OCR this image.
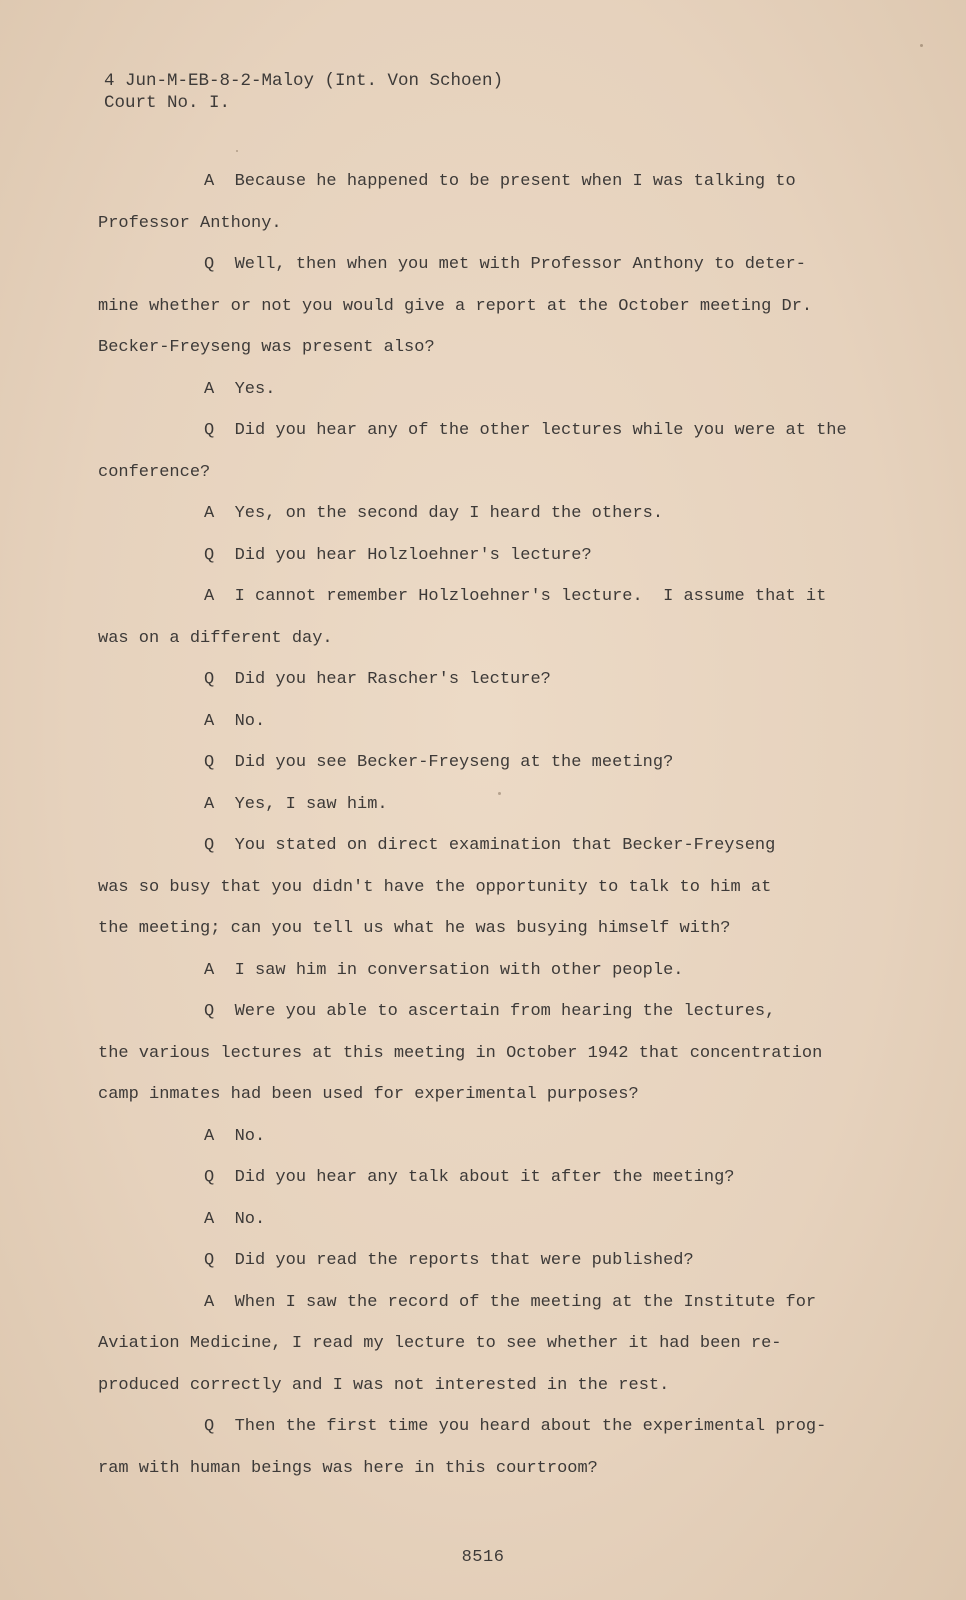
4 Jun-M-EB-8-2-Maloy (Int. Von Schoen)
Court No. I.
A  Because he happened to be present when I was talking to
Professor Anthony.
Q  Well, then when you met with Professor Anthony to deter-
mine whether or not you would give a report at the October meeting Dr.
Becker-Freyseng was present also?
A  Yes.
Q  Did you hear any of the other lectures while you were at the
conference?
A  Yes, on the second day I heard the others.
Q  Did you hear Holzloehner's lecture?
A  I cannot remember Holzloehner's lecture.  I assume that it
was on a different day.
Q  Did you hear Rascher's lecture?
A  No.
Q  Did you see Becker-Freyseng at the meeting?
A  Yes, I saw him.
Q  You stated on direct examination that Becker-Freyseng
was so busy that you didn't have the opportunity to talk to him at
the meeting; can you tell us what he was busying himself with?
A  I saw him in conversation with other people.
Q  Were you able to ascertain from hearing the lectures,
the various lectures at this meeting in October 1942 that concentration
camp inmates had been used for experimental purposes?
A  No.
Q  Did you hear any talk about it after the meeting?
A  No.
Q  Did you read the reports that were published?
A  When I saw the record of the meeting at the Institute for
Aviation Medicine, I read my lecture to see whether it had been re-
produced correctly and I was not interested in the rest.
Q  Then the first time you heard about the experimental prog-
ram with human beings was here in this courtroom?
8516
